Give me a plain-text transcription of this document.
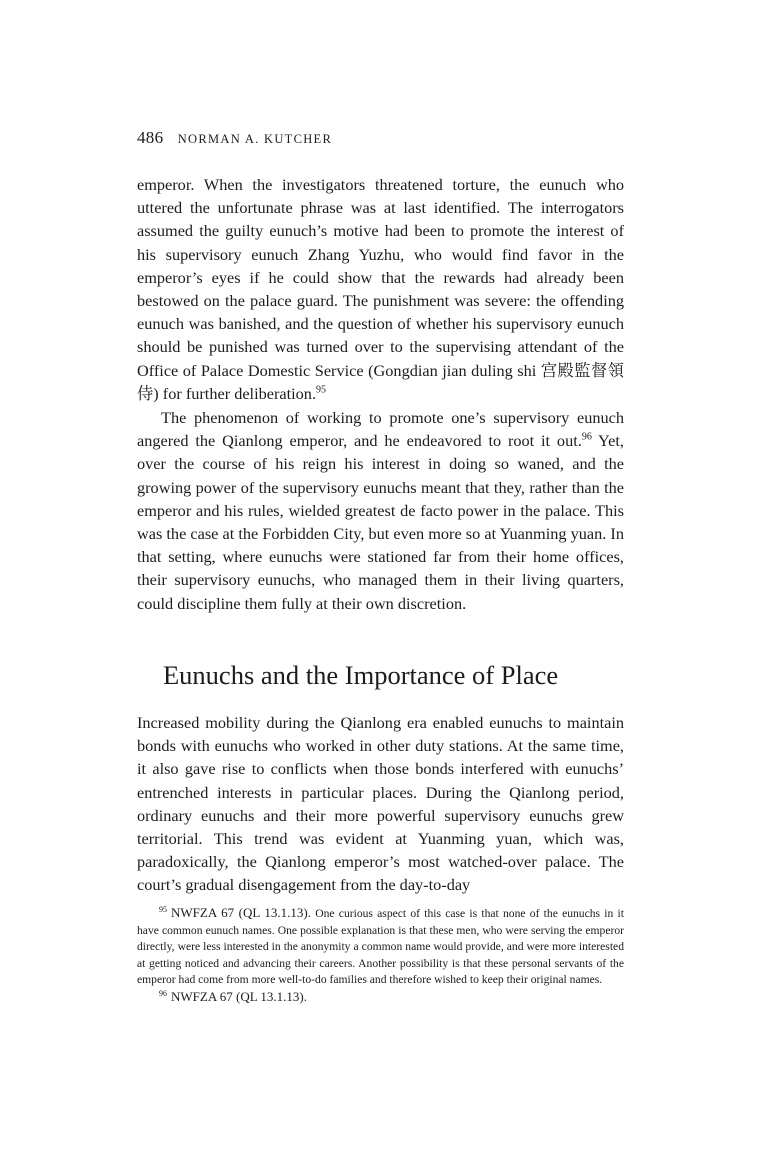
486 NORMAN A. KUTCHER

emperor. When the investigators threatened torture, the eunuch who uttered the unfortunate phrase was at last identified. The interrogators assumed the guilty eunuch’s motive had been to promote the interest of his supervisory eunuch Zhang Yuzhu, who would find favor in the emperor’s eyes if he could show that the rewards had already been bestowed on the palace guard. The punishment was severe: the offending eunuch was banished, and the question of whether his supervisory eunuch should be punished was turned over to the supervising attendant of the Office of Palace Domestic Service (Gongdian jian duling shi 宫殿監督領侍) for further deliberation.$^{95}$

The phenomenon of working to promote one’s supervisory eunuch angered the Qianlong emperor, and he endeavored to root it out.$^{96}$ Yet, over the course of his reign his interest in doing so waned, and the growing power of the supervisory eunuchs meant that they, rather than the emperor and his rules, wielded greatest de facto power in the palace. This was the case at the Forbidden City, but even more so at Yuanming yuan. In that setting, where eunuchs were stationed far from their home offices, their supervisory eunuchs, who managed them in their living quarters, could discipline them fully at their own discretion.

Eunuchs and the Importance of Place

Increased mobility during the Qianlong era enabled eunuchs to maintain bonds with eunuchs who worked in other duty stations. At the same time, it also gave rise to conflicts when those bonds interfered with eunuchs’ entrenched interests in particular places. During the Qianlong period, ordinary eunuchs and their more powerful supervisory eunuchs grew territorial. This trend was evident at Yuanming yuan, which was, paradoxically, the Qianlong emperor’s most watched-over palace. The court’s gradual disengagement from the day-to-day

$^{95}$ NWFZA 67 (QL 13.1.13). One curious aspect of this case is that none of the eunuchs in it have common eunuch names. One possible explanation is that these men, who were serving the emperor directly, were less interested in the anonymity a common name would provide, and were more interested at getting noticed and advancing their careers. Another possibility is that these personal servants of the emperor had come from more well-to-do families and therefore wished to keep their original names.

$^{96}$ NWFZA 67 (QL 13.1.13).
